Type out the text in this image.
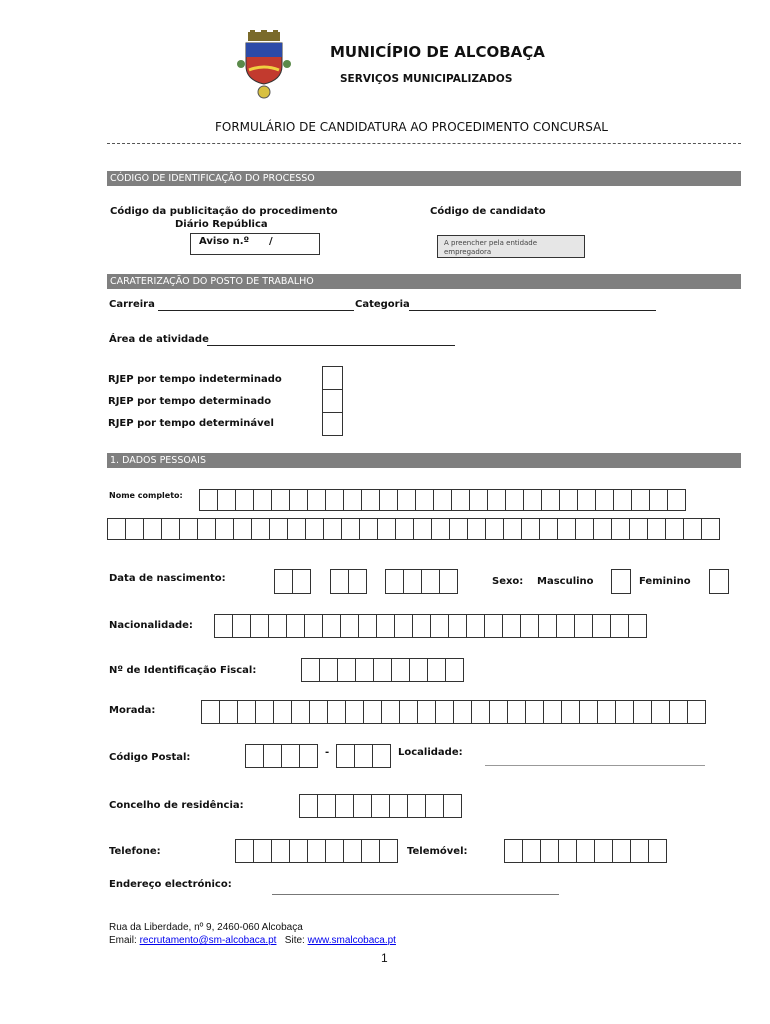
MUNICÍPIO DE ALCOBAÇA
SERVIÇOS MUNICIPALIZADOS
FORMULÁRIO DE CANDIDATURA AO PROCEDIMENTO CONCURSAL
CÓDIGO DE IDENTIFICAÇÃO DO PROCESSO
Código da publicitação do procedimento
Diário República
Aviso n.º /
Código de candidato
A preencher pela entidade empregadora
CARATERIZAÇÃO DO POSTO DE TRABALHO
Carreira	Categoria
Área de atividade
RJEP por tempo indeterminado
RJEP por tempo determinado
RJEP por tempo determinável
1. DADOS PESSOAIS
Nome completo:
Data de nascimento:	Sexo: Masculino	Feminino
Nacionalidade:
Nº de Identificação Fiscal:
Morada:
Código Postal:	-	Localidade:
Concelho de residência:
Telefone:	Telemóvel:
Endereço electrónico:
Rua da Liberdade, nº 9, 2460-060 Alcobaça
Email: recrutamento@sm-alcobaca.pt Site: www.smalcobaca.pt
1
